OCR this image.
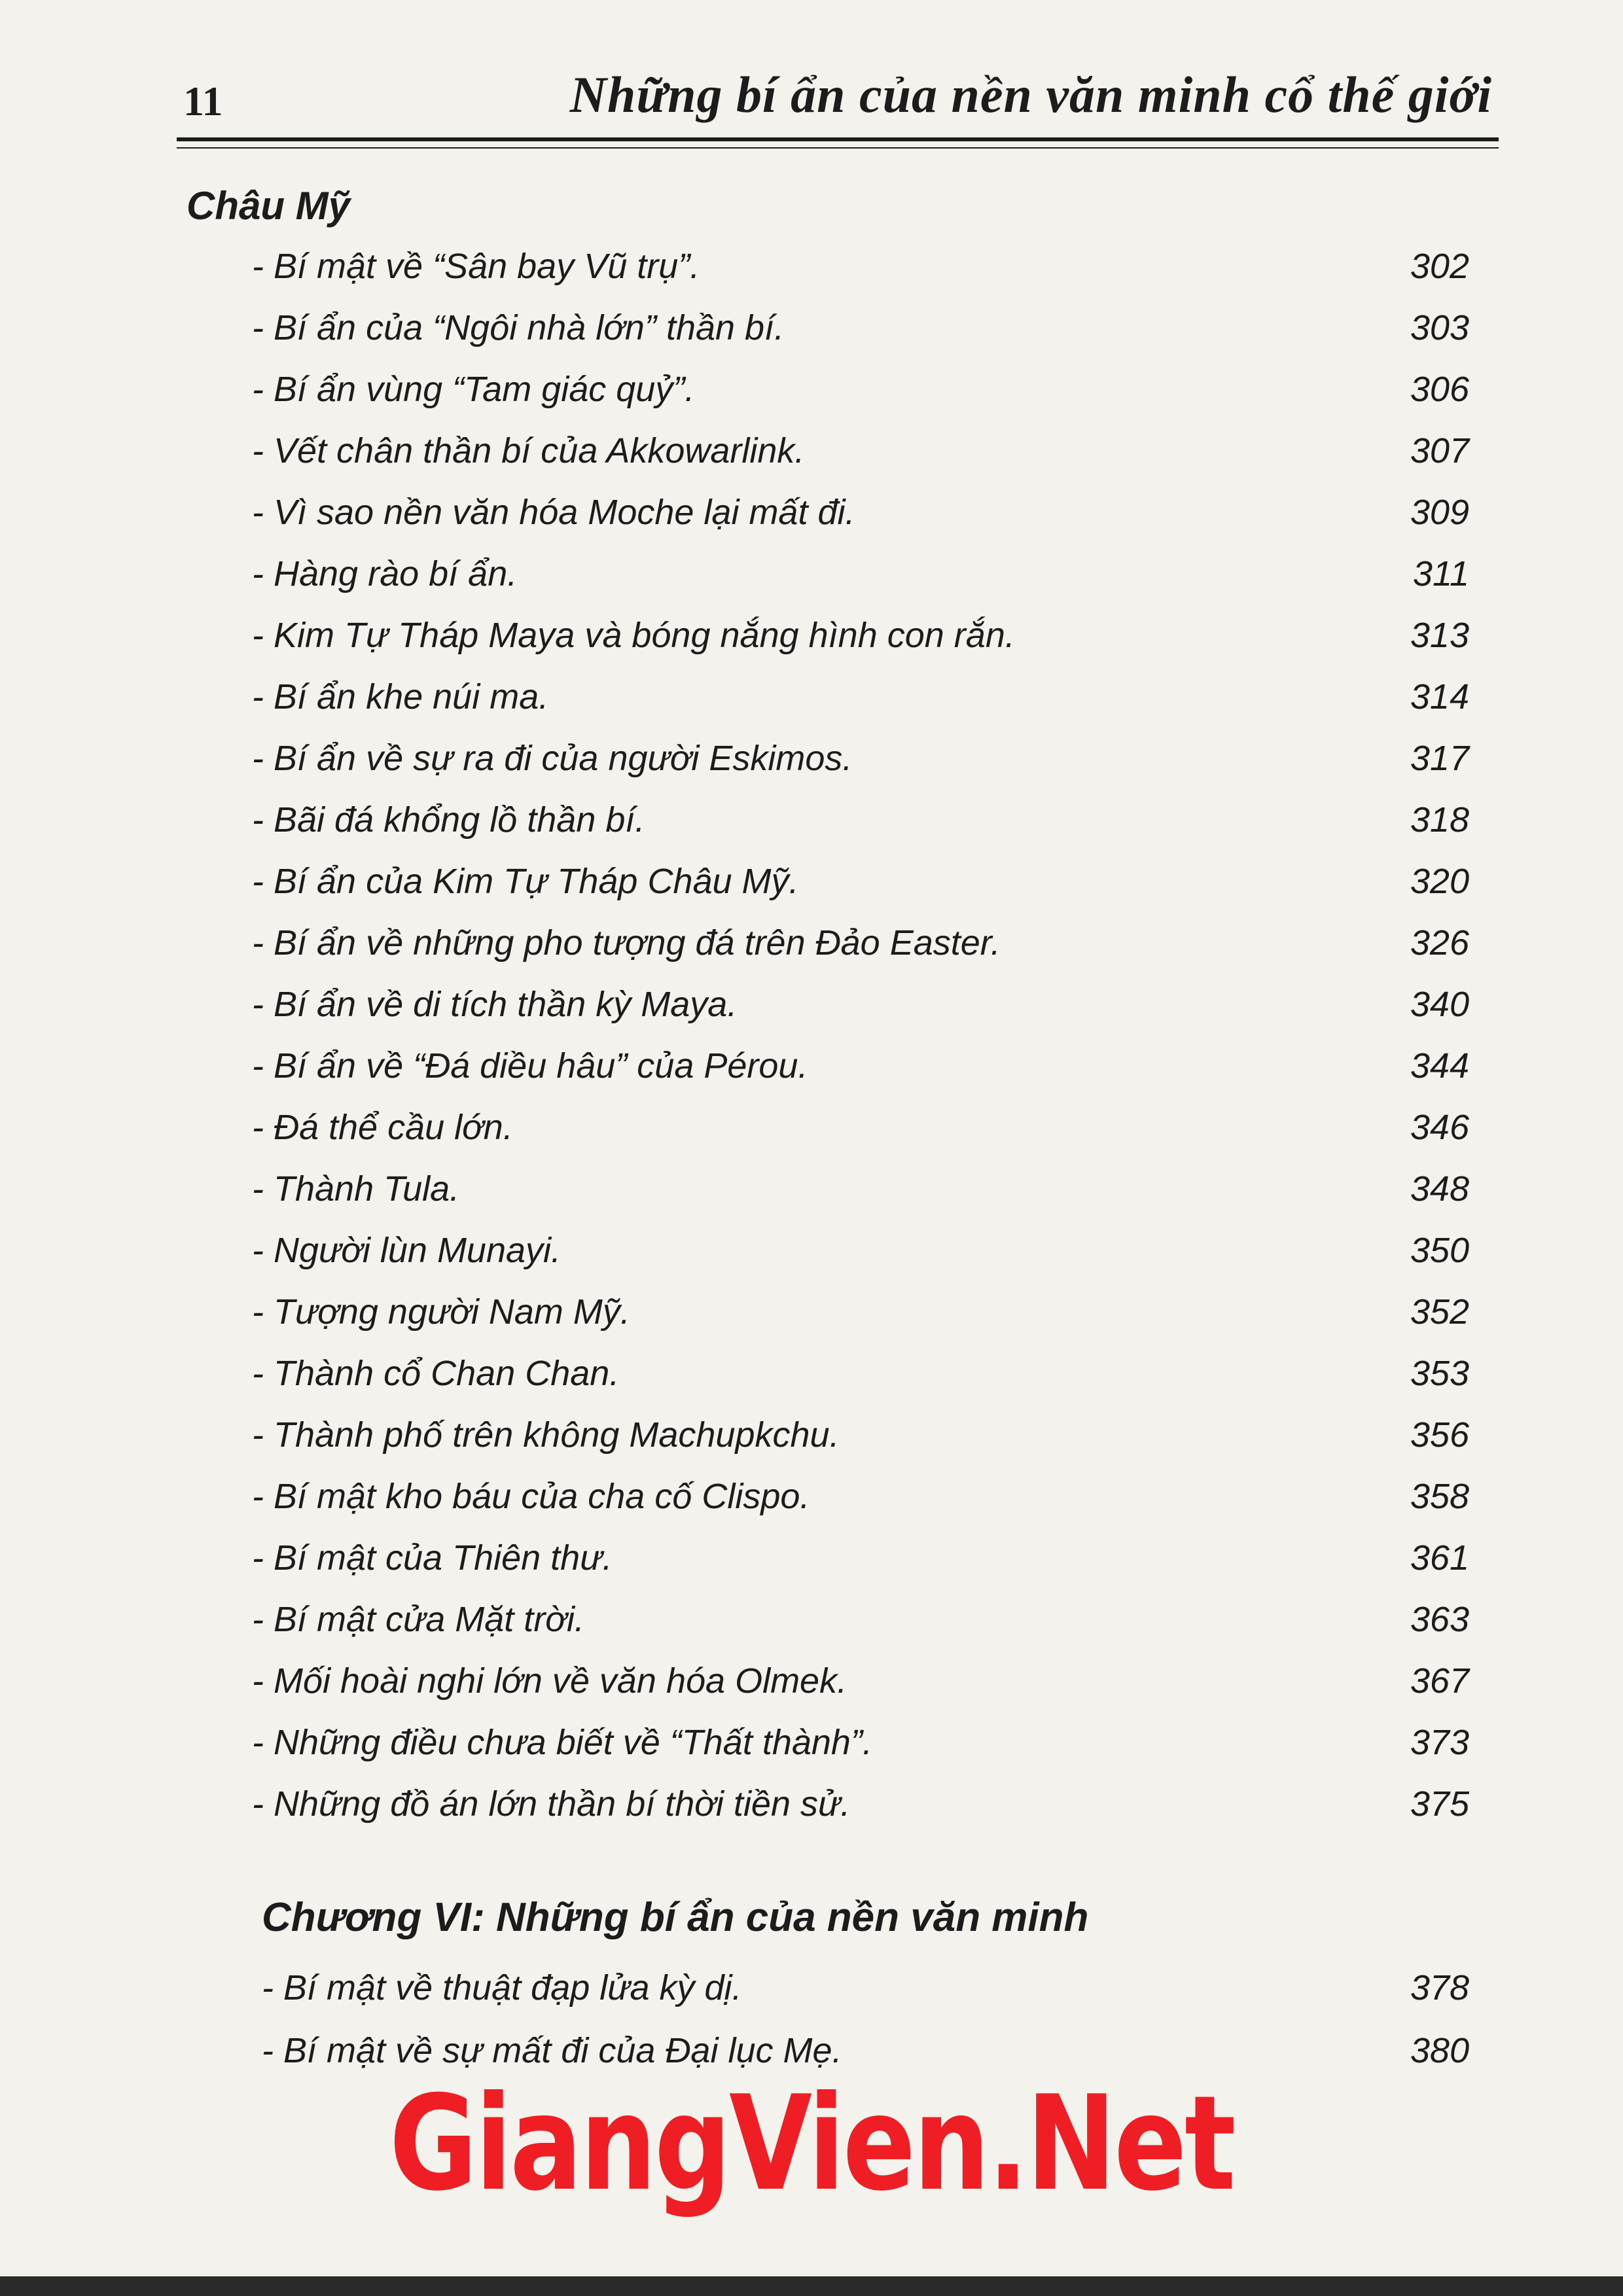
11	Những bí ẩn của nền văn minh cổ thế giới
Châu Mỹ
- Bí mật về “Sân bay Vũ trụ”.	302
- Bí ẩn của “Ngôi nhà lớn” thần bí.	303
- Bí ẩn vùng “Tam giác quỷ”.	306
- Vết chân thần bí của Akkowarlink.	307
- Vì sao nền văn hóa Moche lại mất đi.	309
- Hàng rào bí ẩn.	311
- Kim Tự Tháp Maya và bóng nắng hình con rắn.	313
- Bí ẩn khe núi ma.	314
- Bí ẩn về sự ra đi của người Eskimos.	317
- Bãi đá khổng lồ thần bí.	318
- Bí ẩn của Kim Tự Tháp Châu Mỹ.	320
- Bí ẩn về những pho tượng đá trên Đảo Easter.	326
- Bí ẩn về di tích thần kỳ Maya.	340
- Bí ẩn về “Đá diều hâu” của Pérou.	344
- Đá thể cầu lớn.	346
- Thành Tula.	348
- Người lùn Munayi.	350
- Tượng người Nam Mỹ.	352
- Thành cổ Chan Chan.	353
- Thành phố trên không Machupkchu.	356
- Bí mật kho báu của cha cố Clispo.	358
- Bí mật của Thiên thư.	361
- Bí mật cửa Mặt trời.	363
- Mối hoài nghi lớn về văn hóa Olmek.	367
- Những điều chưa biết về “Thất thành”.	373
- Những đồ án lớn thần bí thời tiền sử.	375
Chương VI: Những bí ẩn của nền văn minh
- Bí mật về thuật đạp lửa kỳ dị.	378
- Bí mật về sự mất đi của Đại lục Mẹ.	380
GiangVien.Net
